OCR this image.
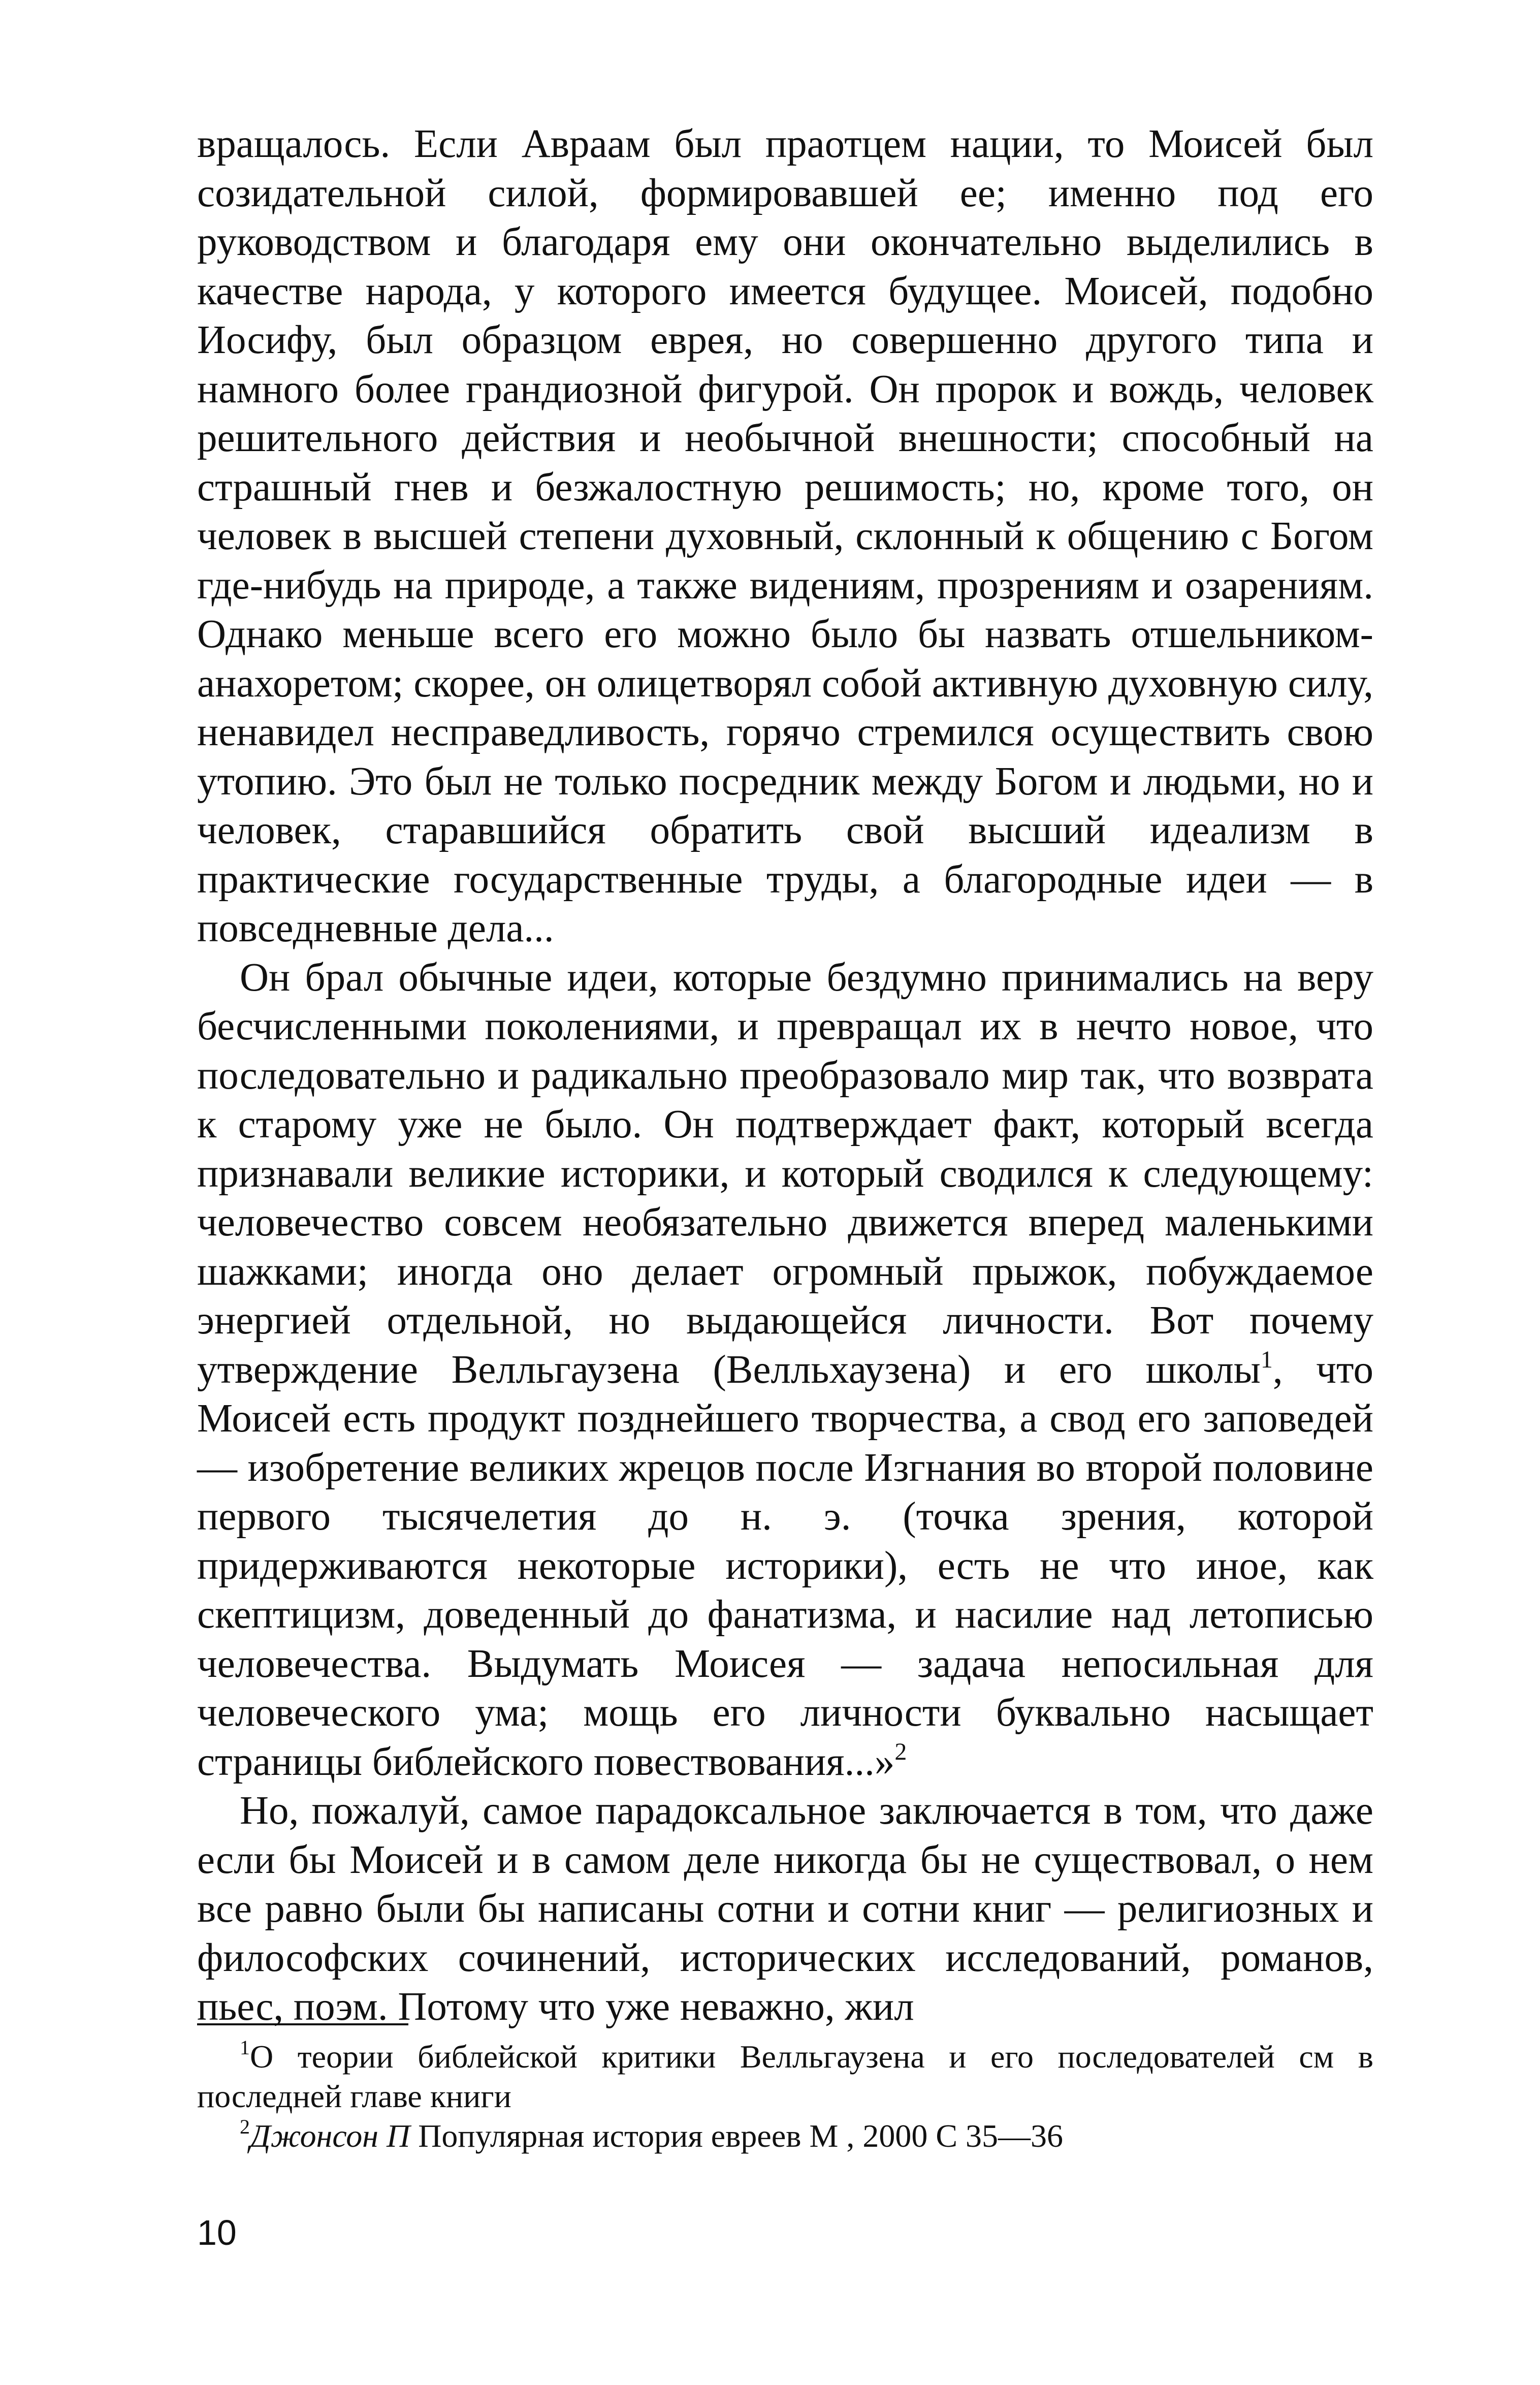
вращалось. Если Авраам был праотцем нации, то Моисей был созидательной силой, формировавшей ее; именно под его руководством и благодаря ему они окончательно выделились в качестве народа, у которого имеется будущее. Моисей, подобно Иосифу, был образцом еврея, но совершенно другого типа и намного более грандиозной фигурой. Он пророк и вождь, человек решительного действия и необычной внешности; способный на страшный гнев и безжалостную решимость; но, кроме того, он человек в высшей степени духовный, склонный к общению с Богом где-нибудь на природе, а также видениям, прозрениям и озарениям. Однако меньше всего его можно было бы назвать отшельником-анахоретом; скорее, он олицетворял собой активную духовную силу, ненавидел несправедливость, горячо стремился осуществить свою утопию. Это был не только посредник между Богом и людьми, но и человек, старавшийся обратить свой высший идеализм в практические государственные труды, а благородные идеи — в повседневные дела...

Он брал обычные идеи, которые бездумно принимались на веру бесчисленными поколениями, и превращал их в нечто новое, что последовательно и радикально преобразовало мир так, что возврата к старому уже не было. Он подтверждает факт, который всегда признавали великие историки, и который сводился к следующему: человечество совсем необязательно движется вперед маленькими шажками; иногда оно делает огромный прыжок, побуждаемое энергией отдельной, но выдающейся личности. Вот почему утверждение Велльгаузена (Велльхаузена) и его школы$^1$, что Моисей есть продукт позднейшего творчества, а свод его заповедей — изобретение великих жрецов после Изгнания во второй половине первого тысячелетия до н. э. (точка зрения, которой придерживаются некоторые историки), есть не что иное, как скептицизм, доведенный до фанатизма, и насилие над летописью человечества. Выдумать Моисея — задача непосильная для человеческого ума; мощь его личности буквально насыщает страницы библейского повествования...»$^2$

Но, пожалуй, самое парадоксальное заключается в том, что даже если бы Моисей и в самом деле никогда бы не существовал, о нем все равно были бы написаны сотни и сотни книг — религиозных и философских сочинений, исторических исследований, романов, пьес, поэм. Потому что уже неважно, жил

$^1$О теории библейской критики Велльгаузена и его последователей см в последней главе книги

$^2$Джонсон П Популярная история евреев М , 2000 С 35—36

10
